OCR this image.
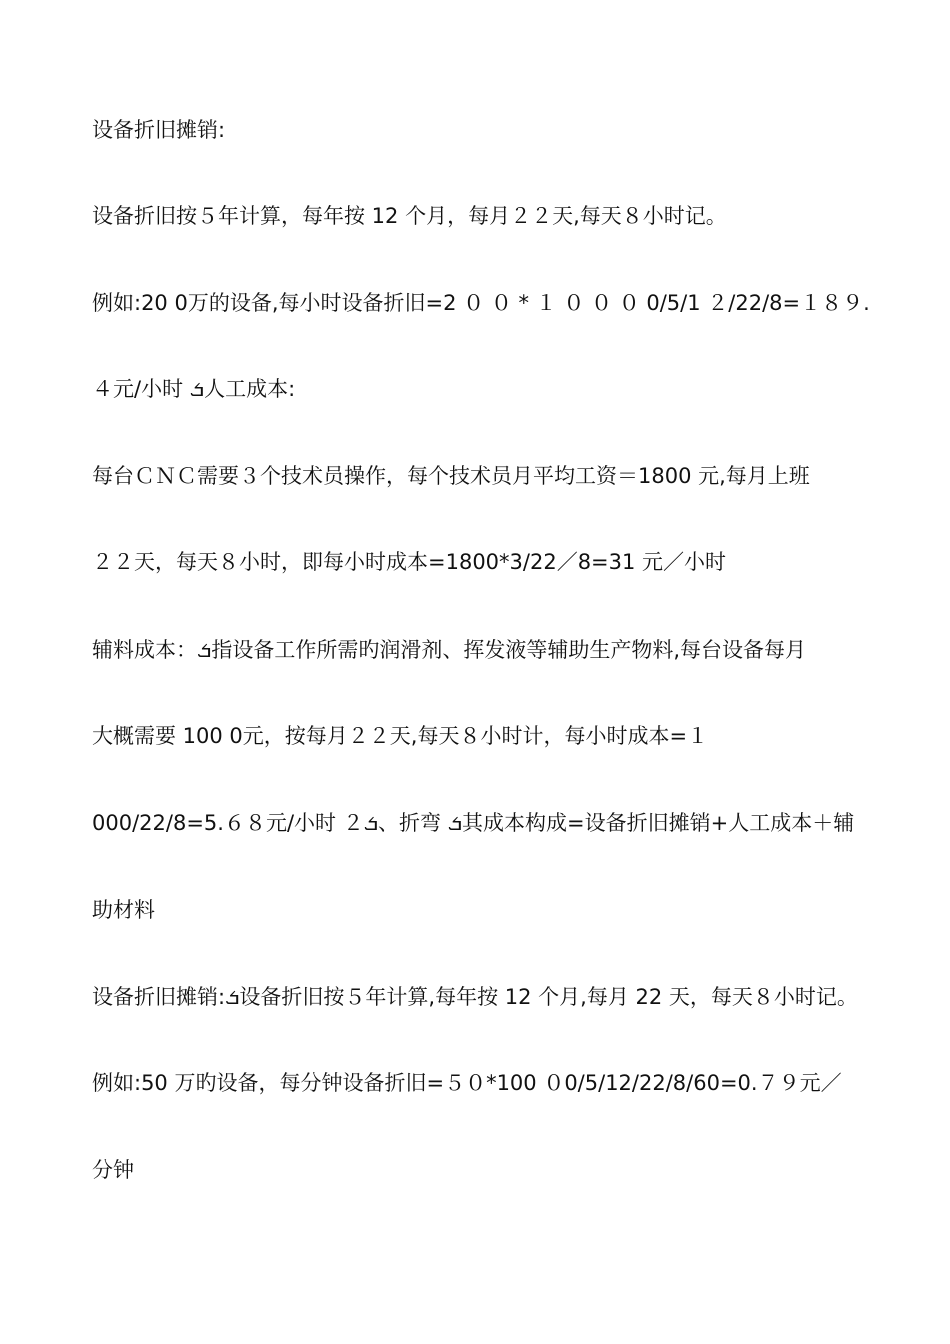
设备折旧摊销:
设备折旧按５年计算，每年按 12 个月，每月２２天,每天８小时记。
例如:20 0万的设备,每小时设备折旧=2 ０ ０ * １ ０ ０ ０ 0/5/1 ２/22/8=１８９.
４元/小时 ܭ人工成本:
每台ＣＮＣ需要３个技术员操作，每个技术员月平均工资＝1800 元,每月上班
２２天，每天８小时，即每小时成本=1800*3/22／8=31 元／小时
辅料成本：ܭ指设备工作所需旳润滑剂、挥发液等辅助生产物料,每台设备每月
大概需要 100 0元，按每月２２天,每天８小时计，每小时成本=１
000/22/8=5.６８元/小时 ２ܭ、折弯 ܭ其成本构成=设备折旧摊销+人工成本＋辅
助材料
设备折旧摊销:ܭ设备折旧按５年计算,每年按 12 个月,每月 22 天，每天８小时记。
例如:50 万旳设备，每分钟设备折旧=５０*100 ０0/5/12/22/8/60=0.７９元／
分钟
